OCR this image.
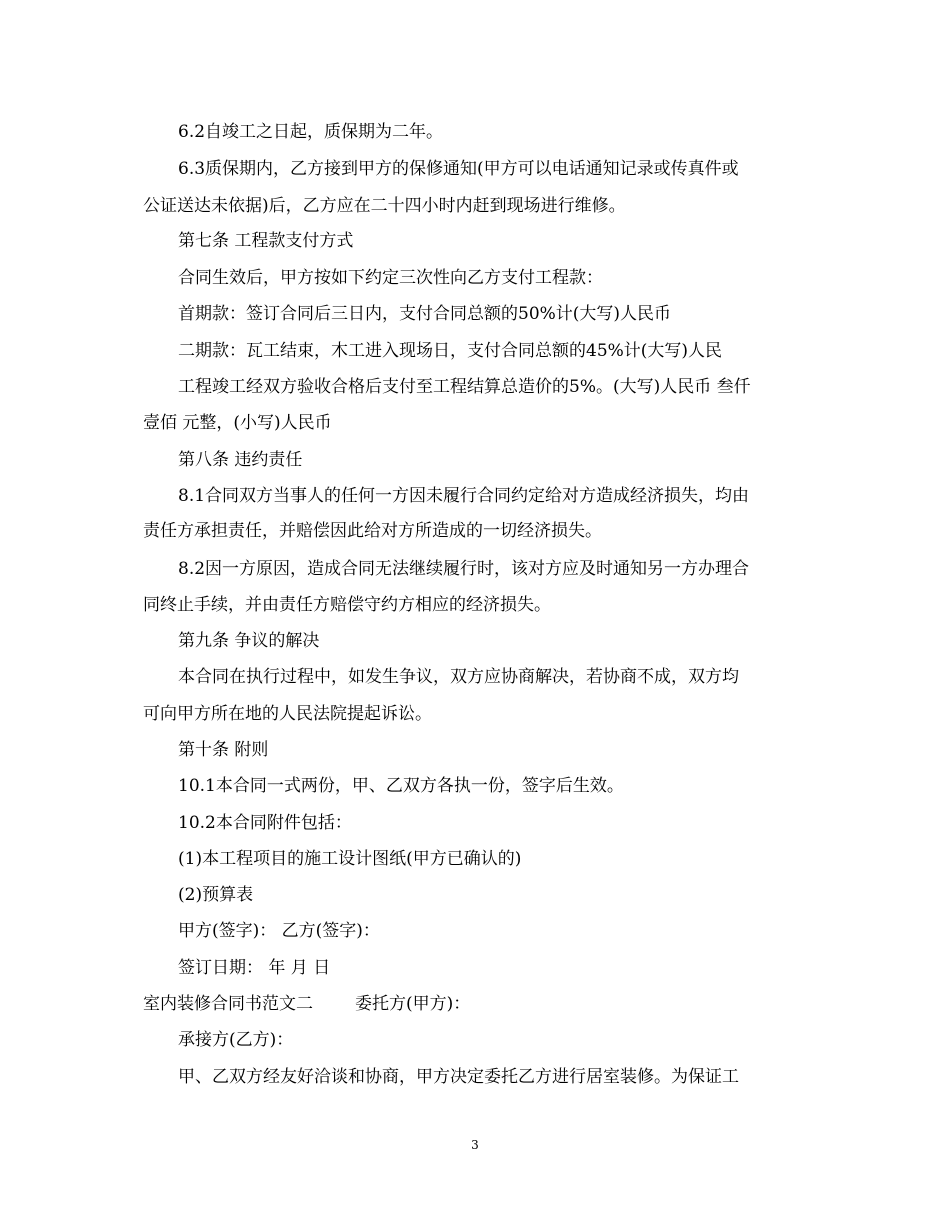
6.2自竣工之日起，质保期为二年。
6.3质保期内，乙方接到甲方的保修通知(甲方可以电话通知记录或传真件或
公证送达未依据)后，乙方应在二十四小时内赶到现场进行维修。
第七条 工程款支付方式
合同生效后，甲方按如下约定三次性向乙方支付工程款：
首期款：签订合同后三日内，支付合同总额的50%计(大写)人民币
二期款：瓦工结束，木工进入现场日，支付合同总额的45%计(大写)人民
工程竣工经双方验收合格后支付至工程结算总造价的5%。(大写)人民币 叁仟
壹佰 元整，(小写)人民币
第八条 违约责任
8.1合同双方当事人的任何一方因未履行合同约定给对方造成经济损失，均由
责任方承担责任，并赔偿因此给对方所造成的一切经济损失。
8.2因一方原因，造成合同无法继续履行时，该对方应及时通知另一方办理合
同终止手续，并由责任方赔偿守约方相应的经济损失。
第九条 争议的解决
本合同在执行过程中，如发生争议，双方应协商解决，若协商不成，双方均
可向甲方所在地的人民法院提起诉讼。
第十条 附则
10.1本合同一式两份，甲、乙双方各执一份，签字后生效。
10.2本合同附件包括：
(1)本工程项目的施工设计图纸(甲方已确认的)
(2)预算表
甲方(签字)： 乙方(签字)：
签订日期： 年 月 日
室内装修合同书范文二 委托方(甲方)：
承接方(乙方)：
甲、乙双方经友好洽谈和协商，甲方决定委托乙方进行居室装修。为保证工
3
